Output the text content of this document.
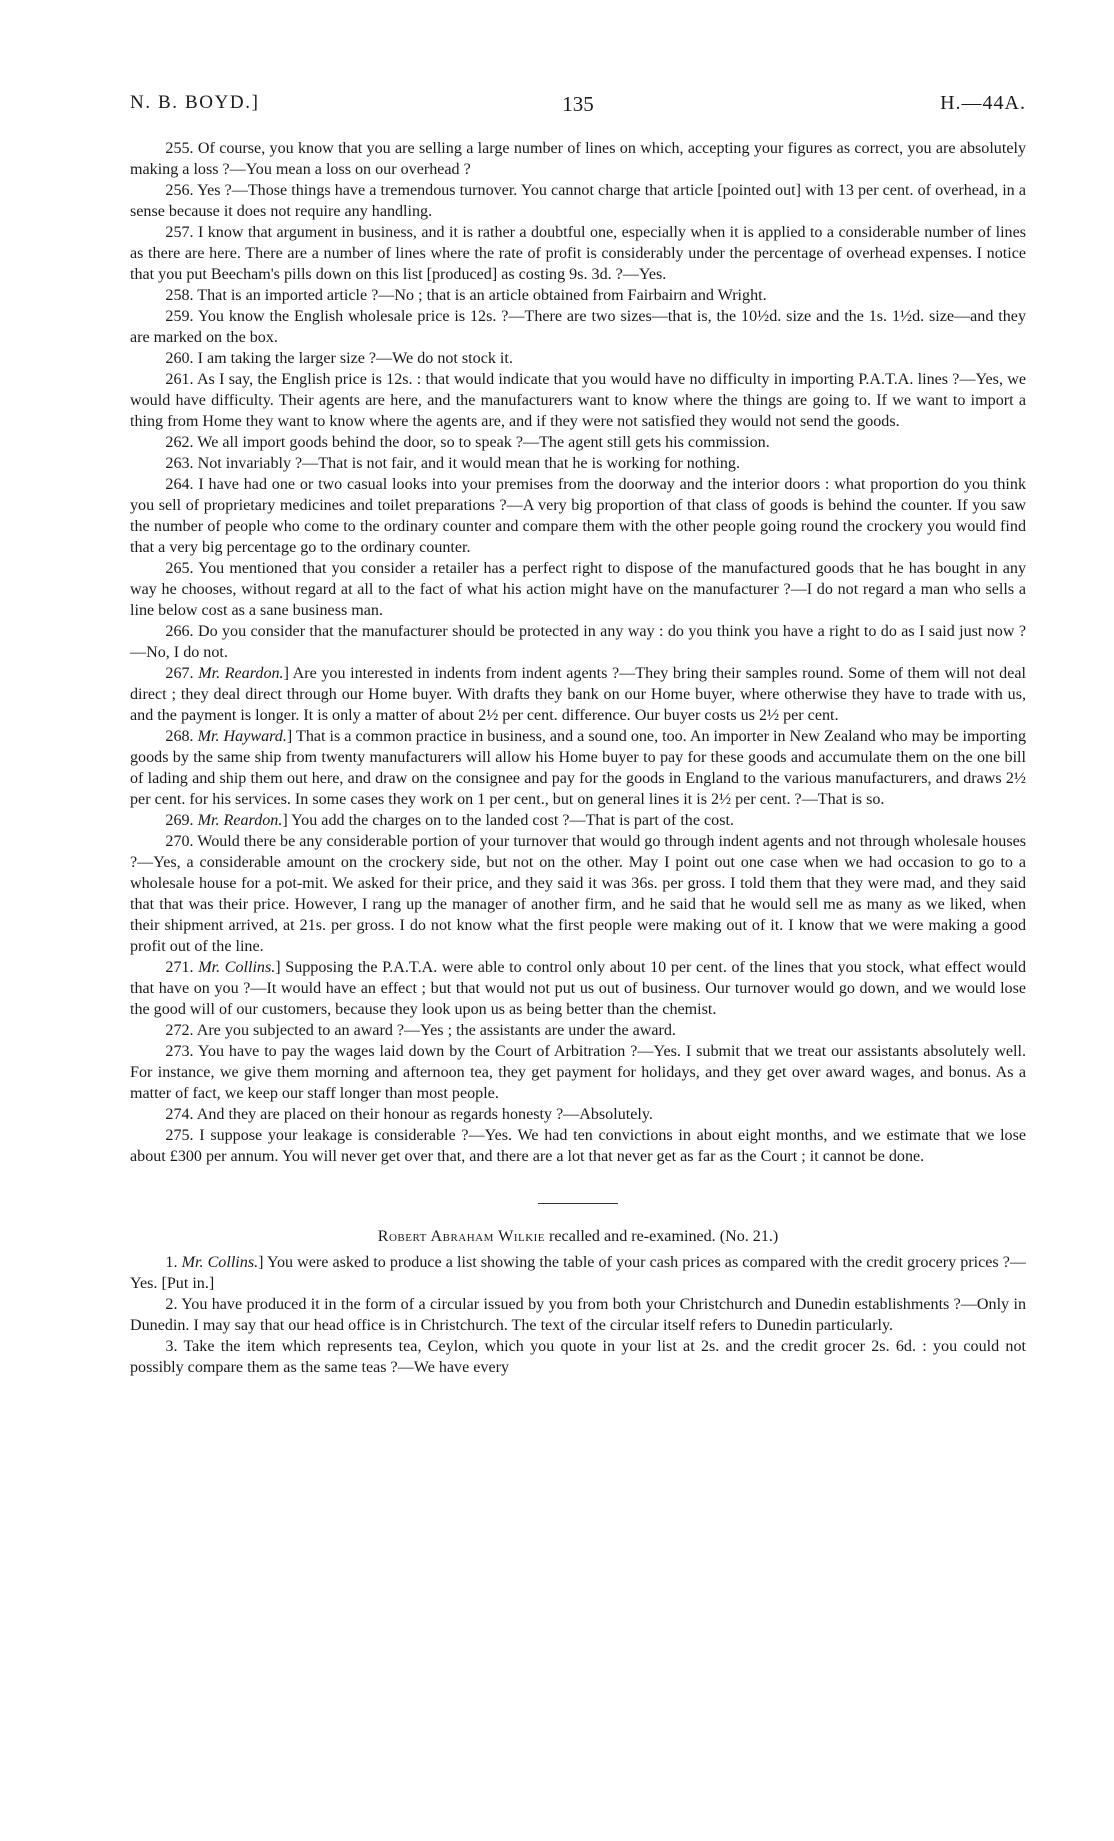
N. B. BOYD.]	135	H.—44A.

255. Of course, you know that you are selling a large number of lines on which, accepting your figures as correct, you are absolutely making a loss ?—You mean a loss on our overhead ?

256. Yes ?—Those things have a tremendous turnover. You cannot charge that article [pointed out] with 13 per cent. of overhead, in a sense because it does not require any handling.

257. I know that argument in business, and it is rather a doubtful one, especially when it is applied to a considerable number of lines as there are here. There are a number of lines where the rate of profit is considerably under the percentage of overhead expenses. I notice that you put Beecham's pills down on this list [produced] as costing 9s. 3d. ?—Yes.

258. That is an imported article ?—No ; that is an article obtained from Fairbairn and Wright.

259. You know the English wholesale price is 12s. ?—There are two sizes—that is, the 10½d. size and the 1s. 1½d. size—and they are marked on the box.

260. I am taking the larger size ?—We do not stock it.

261. As I say, the English price is 12s. : that would indicate that you would have no difficulty in importing P.A.T.A. lines ?—Yes, we would have difficulty. Their agents are here, and the manufacturers want to know where the things are going to. If we want to import a thing from Home they want to know where the agents are, and if they were not satisfied they would not send the goods.

262. We all import goods behind the door, so to speak ?—The agent still gets his commission.

263. Not invariably ?—That is not fair, and it would mean that he is working for nothing.

264. I have had one or two casual looks into your premises from the doorway and the interior doors : what proportion do you think you sell of proprietary medicines and toilet preparations ?—A very big proportion of that class of goods is behind the counter. If you saw the number of people who come to the ordinary counter and compare them with the other people going round the crockery you would find that a very big percentage go to the ordinary counter.

265. You mentioned that you consider a retailer has a perfect right to dispose of the manufactured goods that he has bought in any way he chooses, without regard at all to the fact of what his action might have on the manufacturer ?—I do not regard a man who sells a line below cost as a sane business man.

266. Do you consider that the manufacturer should be protected in any way : do you think you have a right to do as I said just now ?—No, I do not.

267. Mr. Reardon.] Are you interested in indents from indent agents ?—They bring their samples round. Some of them will not deal direct ; they deal direct through our Home buyer. With drafts they bank on our Home buyer, where otherwise they have to trade with us, and the payment is longer. It is only a matter of about 2½ per cent. difference. Our buyer costs us 2½ per cent.

268. Mr. Hayward.] That is a common practice in business, and a sound one, too. An importer in New Zealand who may be importing goods by the same ship from twenty manufacturers will allow his Home buyer to pay for these goods and accumulate them on the one bill of lading and ship them out here, and draw on the consignee and pay for the goods in England to the various manufacturers, and draws 2½ per cent. for his services. In some cases they work on 1 per cent., but on general lines it is 2½ per cent. ?—That is so.

269. Mr. Reardon.] You add the charges on to the landed cost ?—That is part of the cost.

270. Would there be any considerable portion of your turnover that would go through indent agents and not through wholesale houses ?—Yes, a considerable amount on the crockery side, but not on the other. May I point out one case when we had occasion to go to a wholesale house for a pot-mit. We asked for their price, and they said it was 36s. per gross. I told them that they were mad, and they said that that was their price. However, I rang up the manager of another firm, and he said that he would sell me as many as we liked, when their shipment arrived, at 21s. per gross. I do not know what the first people were making out of it. I know that we were making a good profit out of the line.

271. Mr. Collins.] Supposing the P.A.T.A. were able to control only about 10 per cent. of the lines that you stock, what effect would that have on you ?—It would have an effect ; but that would not put us out of business. Our turnover would go down, and we would lose the good will of our customers, because they look upon us as being better than the chemist.

272. Are you subjected to an award ?—Yes ; the assistants are under the award.

273. You have to pay the wages laid down by the Court of Arbitration ?—Yes. I submit that we treat our assistants absolutely well. For instance, we give them morning and afternoon tea, they get payment for holidays, and they get over award wages, and bonus. As a matter of fact, we keep our staff longer than most people.

274. And they are placed on their honour as regards honesty ?—Absolutely.

275. I suppose your leakage is considerable ?—Yes. We had ten convictions in about eight months, and we estimate that we lose about £300 per annum. You will never get over that, and there are a lot that never get as far as the Court ; it cannot be done.

Robert Abraham Wilkie recalled and re-examined. (No. 21.)

1. Mr. Collins.] You were asked to produce a list showing the table of your cash prices as compared with the credit grocery prices ?—Yes. [Put in.]

2. You have produced it in the form of a circular issued by you from both your Christchurch and Dunedin establishments ?—Only in Dunedin. I may say that our head office is in Christchurch. The text of the circular itself refers to Dunedin particularly.

3. Take the item which represents tea, Ceylon, which you quote in your list at 2s. and the credit grocer 2s. 6d. : you could not possibly compare them as the same teas ?—We have every
